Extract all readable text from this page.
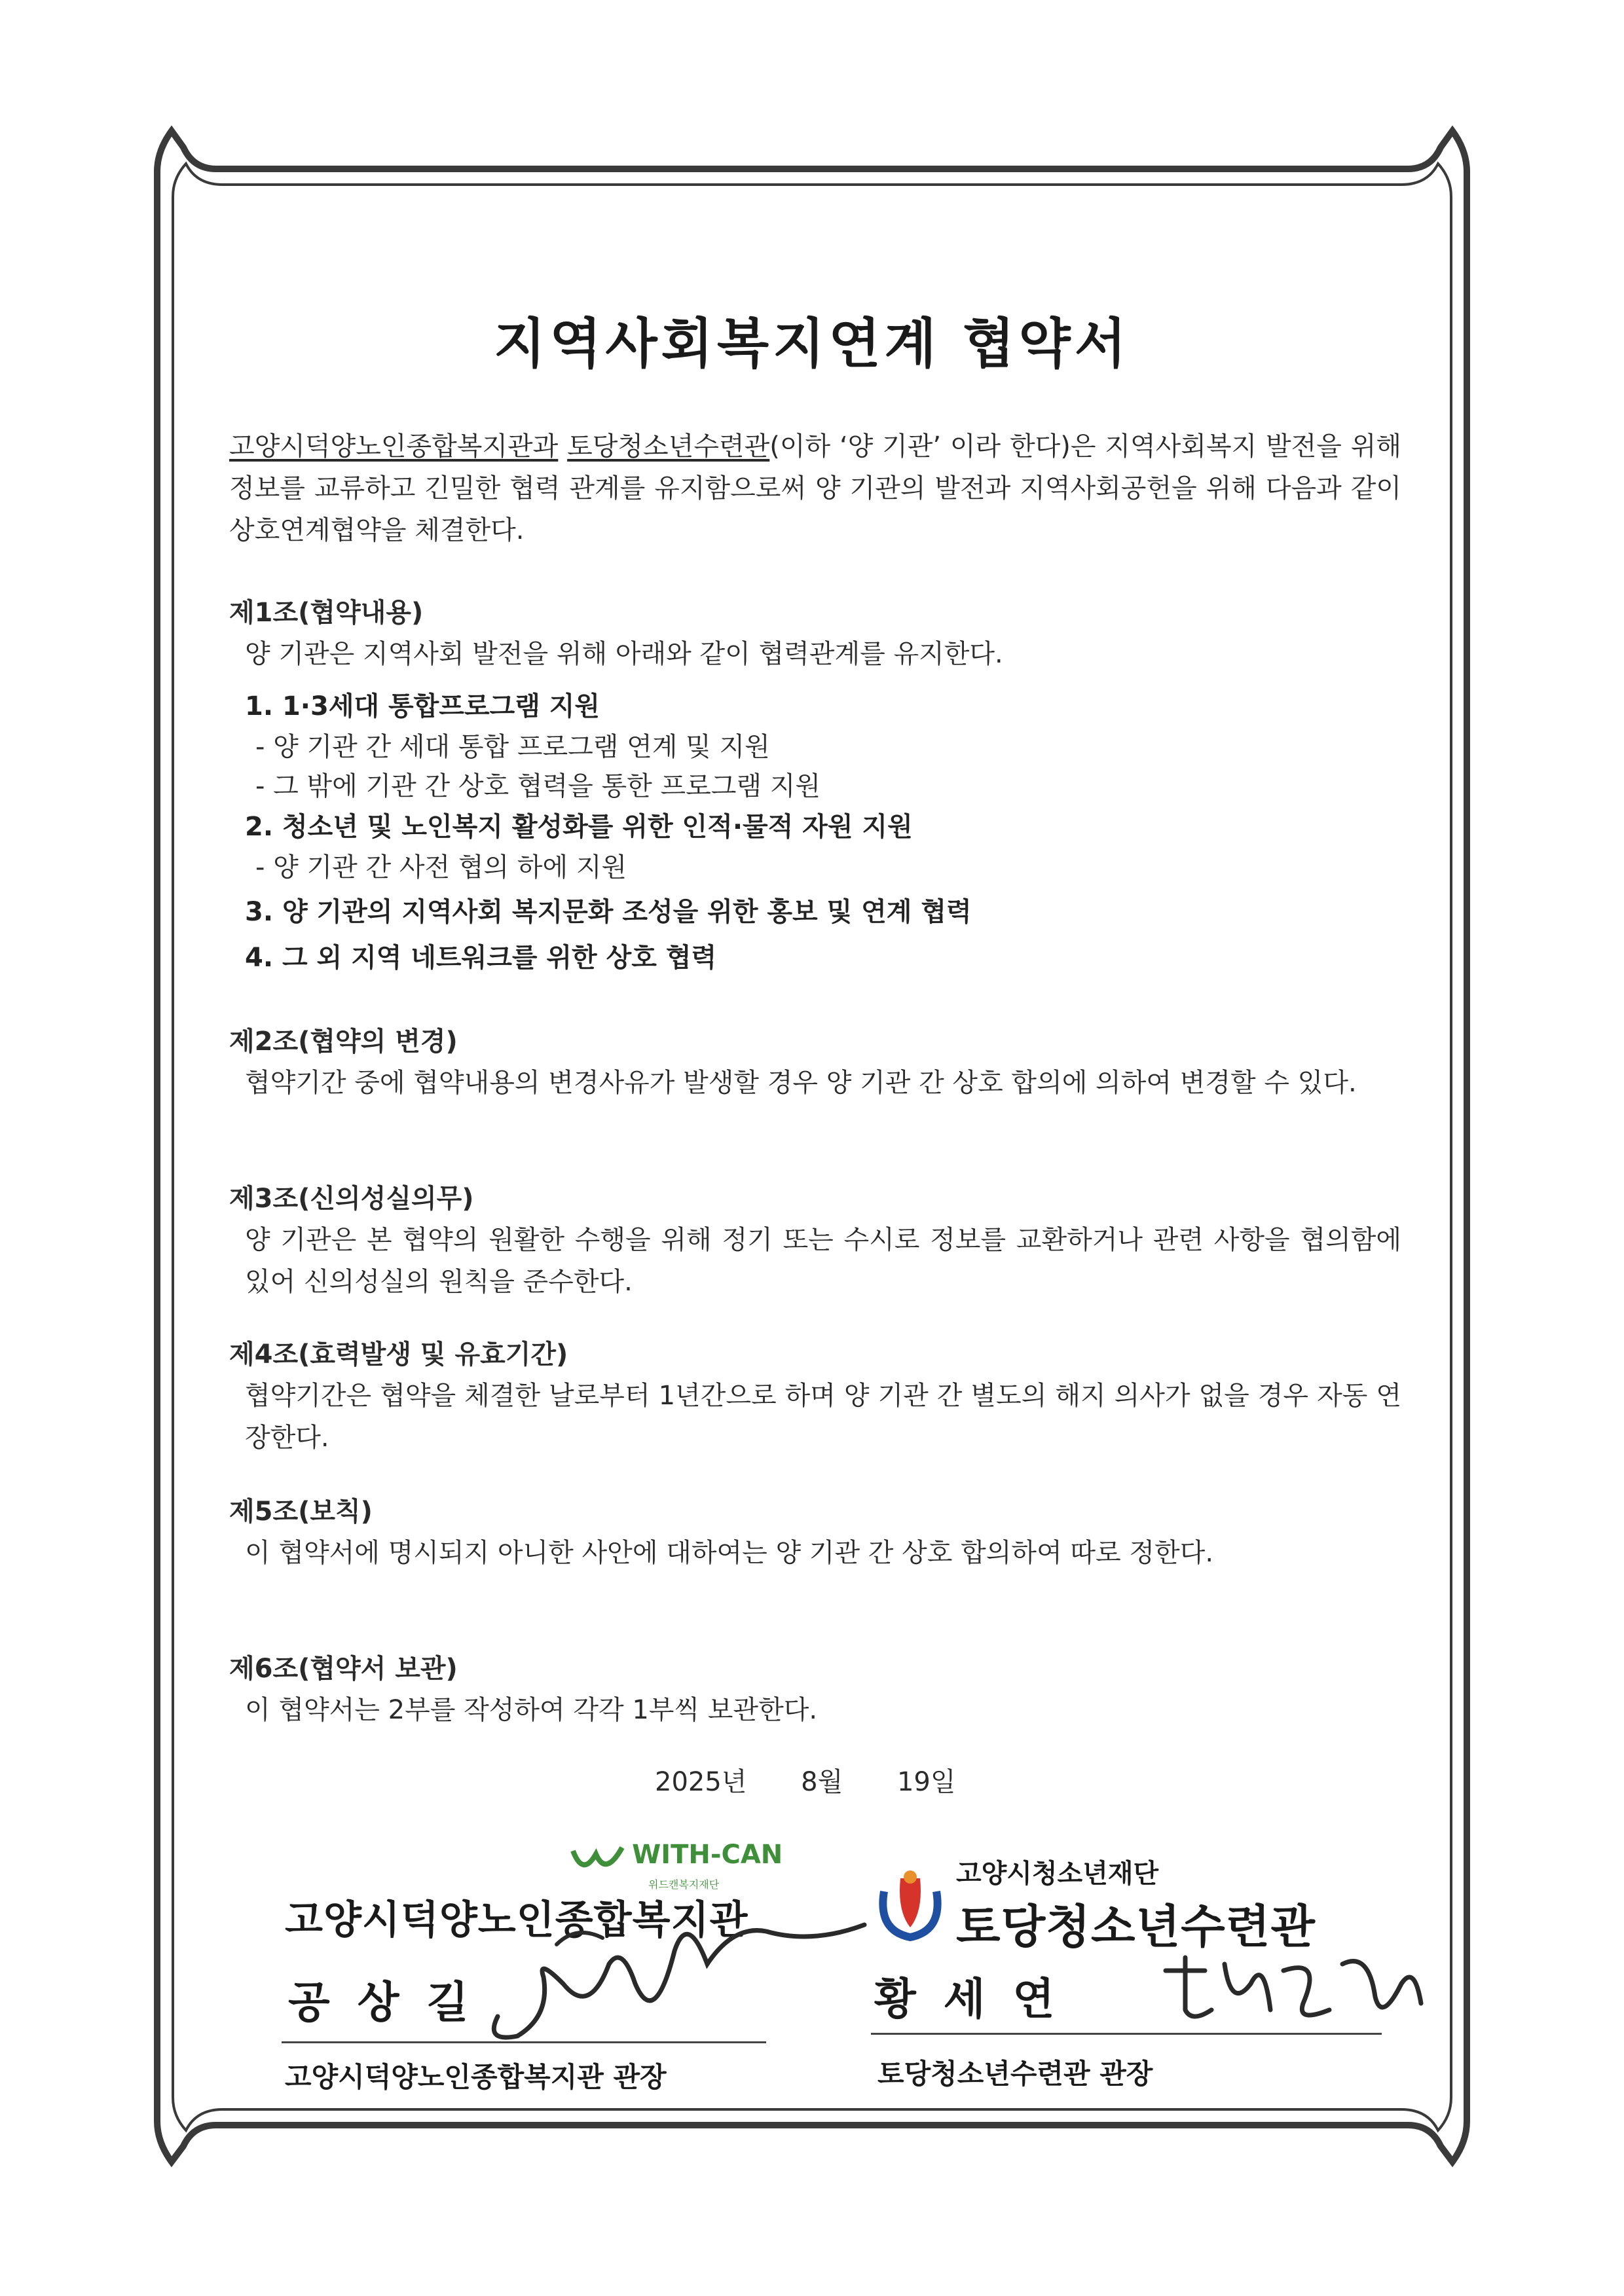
지역사회복지연계 협약서
고양시덕양노인종합복지관과 토당청소년수련관(이하 ‘양 기관’ 이라 한다)은 지역사회복지 발전을 위해 정보를 교류하고 긴밀한 협력 관계를 유지함으로써 양 기관의 발전과 지역사회공헌을 위해 다음과 같이 상호연계협약을 체결한다.
제1조(협약내용)
양 기관은 지역사회 발전을 위해 아래와 같이 협력관계를 유지한다.
1. 1·3세대 통합프로그램 지원
- 양 기관 간 세대 통합 프로그램 연계 및 지원
- 그 밖에 기관 간 상호 협력을 통한 프로그램 지원
2. 청소년 및 노인복지 활성화를 위한 인적·물적 자원 지원
- 양 기관 간 사전 협의 하에 지원
3. 양 기관의 지역사회 복지문화 조성을 위한 홍보 및 연계 협력
4. 그 외 지역 네트워크를 위한 상호 협력
제2조(협약의 변경)
협약기간 중에 협약내용의 변경사유가 발생할 경우 양 기관 간 상호 합의에 의하여 변경할 수 있다.
제3조(신의성실의무)
양 기관은 본 협약의 원활한 수행을 위해 정기 또는 수시로 정보를 교환하거나 관련 사항을 협의함에 있어 신의성실의 원칙을 준수한다.
제4조(효력발생 및 유효기간)
협약기간은 협약을 체결한 날로부터 1년간으로 하며 양 기관 간 별도의 해지 의사가 없을 경우 자동 연장한다.
제5조(보칙)
이 협약서에 명시되지 아니한 사안에 대하여는 양 기관 간 상호 합의하여 따로 정한다.
제6조(협약서 보관)
이 협약서는 2부를 작성하여 각각 1부씩 보관한다.
2025년 8월 19일
WITH-CAN
위드캔복지재단
고양시덕양노인종합복지관
공상길
고양시덕양노인종합복지관 관장
고양시청소년재단
토당청소년수련관
황세연
토당청소년수련관 관장
